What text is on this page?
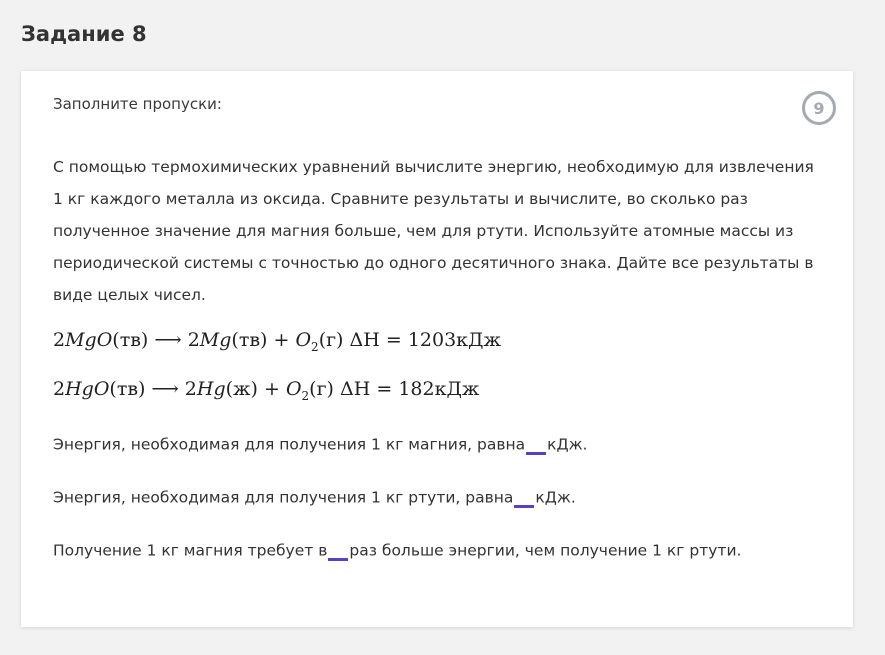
Задание 8
Заполните пропуски:	9

С помощью термохимических уравнений вычислите энергию, необходимую для извлечения 1 кг каждого металла из оксида. Сравните результаты и вычислите, во сколько раз полученное значение для магния больше, чем для ртути. Используйте атомные массы из периодической системы с точностью до одного десятичного знака. Дайте все результаты в виде целых чисел.

2MgO(тв) ⟶ $2Mg(тв) + O_2(г) \Delta H = 1203кДж$
2HgO(тв) ⟶ $2Hg(ж) + O_2(г) \Delta H = 182кДж$
Энергия, необходимая для получения 1 кг магния, равна кДж.
Энергия, необходимая для получения 1 кг ртути, равна кДж.
Получение 1 кг магния требует в раз больше энергии, чем получение 1 кг ртути.
